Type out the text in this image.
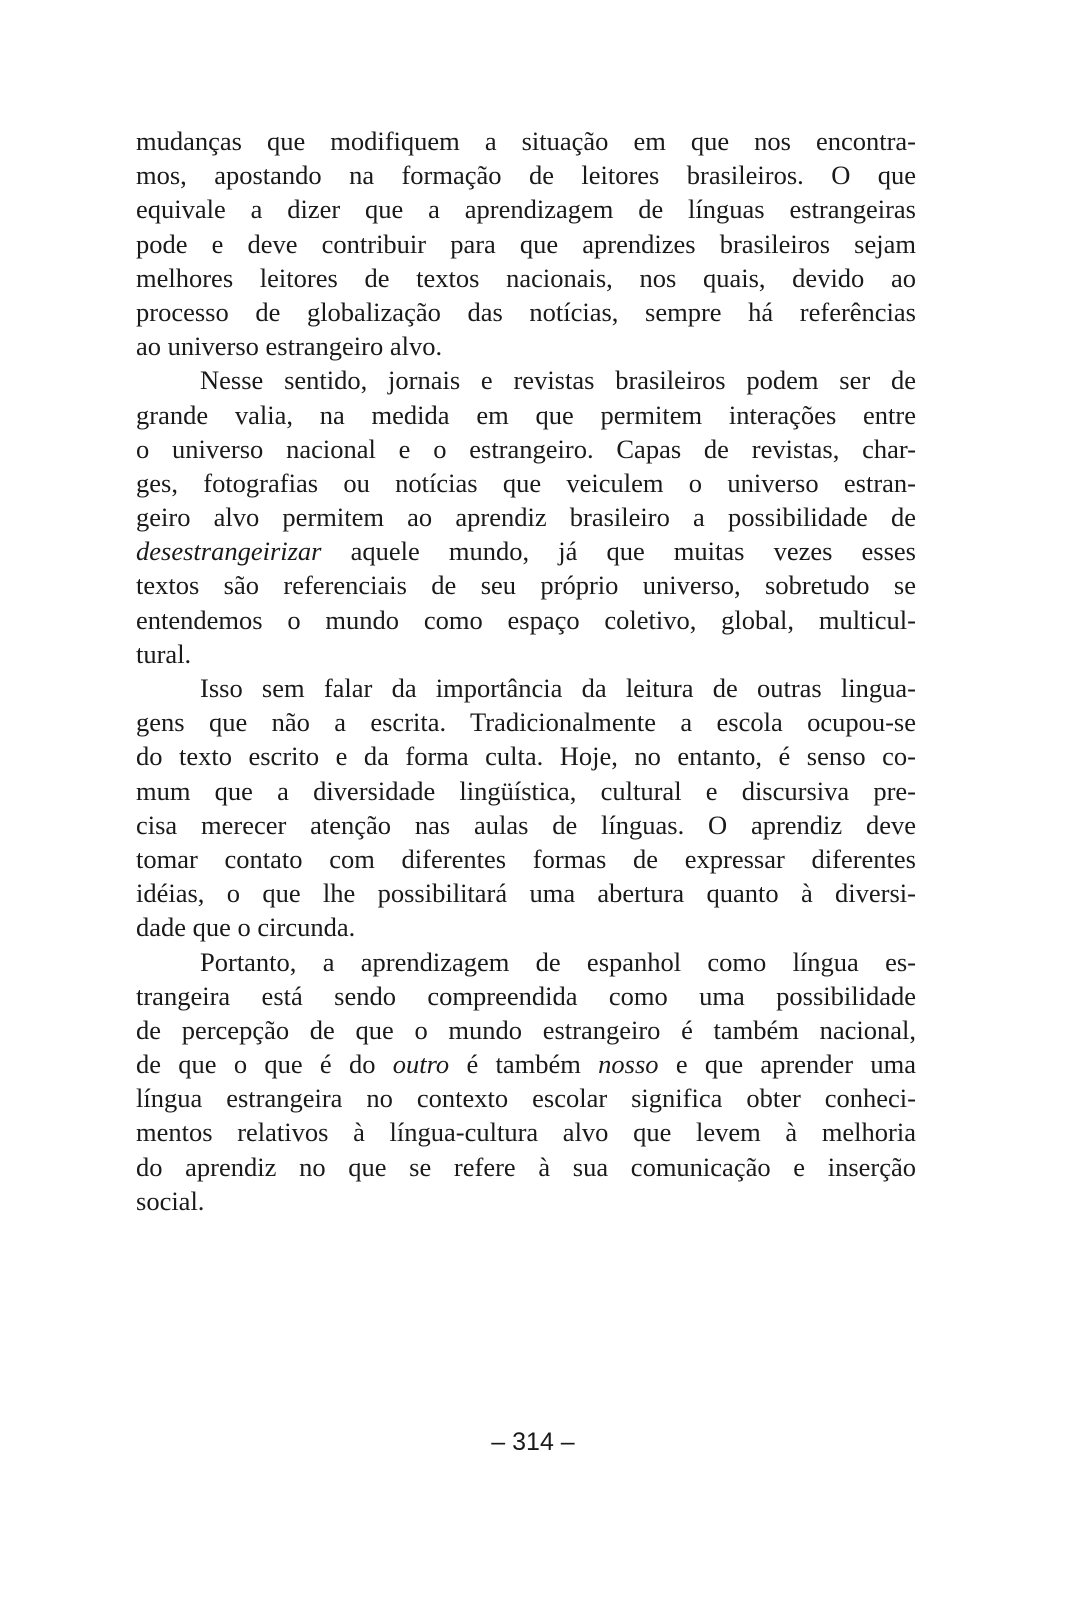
mudanças que modifiquem a situação em que nos encontra-
mos, apostando na formação de leitores brasileiros. O que
equivale a dizer que a aprendizagem de línguas estrangeiras
pode e deve contribuir para que aprendizes brasileiros sejam
melhores leitores de textos nacionais, nos quais, devido ao
processo de globalização das notícias, sempre há referências
ao universo estrangeiro alvo.
Nesse sentido, jornais e revistas brasileiros podem ser de
grande valia, na medida em que permitem interações entre
o universo nacional e o estrangeiro. Capas de revistas, char-
ges, fotografias ou notícias que veiculem o universo estran-
geiro alvo permitem ao aprendiz brasileiro a possibilidade de
desestrangeirizar aquele mundo, já que muitas vezes esses
textos são referenciais de seu próprio universo, sobretudo se
entendemos o mundo como espaço coletivo, global, multicul-
tural.
Isso sem falar da importância da leitura de outras lingua-
gens que não a escrita. Tradicionalmente a escola ocupou-se
do texto escrito e da forma culta. Hoje, no entanto, é senso co-
mum que a diversidade lingüística, cultural e discursiva pre-
cisa merecer atenção nas aulas de línguas. O aprendiz deve
tomar contato com diferentes formas de expressar diferentes
idéias, o que lhe possibilitará uma abertura quanto à diversi-
dade que o circunda.
Portanto, a aprendizagem de espanhol como língua es-
trangeira está sendo compreendida como uma possibilidade
de percepção de que o mundo estrangeiro é também nacional,
de que o que é do outro é também nosso e que aprender uma
língua estrangeira no contexto escolar significa obter conheci-
mentos relativos à língua-cultura alvo que levem à melhoria
do aprendiz no que se refere à sua comunicação e inserção
social.
– 314 –
